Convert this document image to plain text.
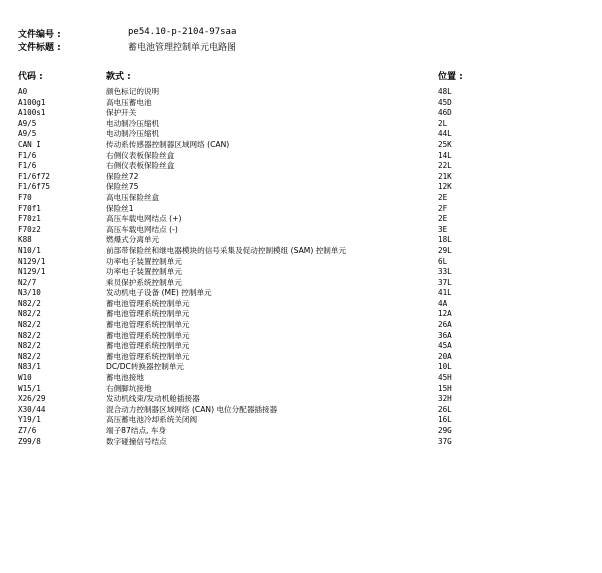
文件编号 :	pe54.10-p-2104-97saa
文件标题 :	蓄电池管理控制单元电路图
代码 :	款式 :	位置 :
A0	颜色标记的说明	48L
A100g1	高电压蓄电池	45D
A100s1	保护开关	46D
A9/5	电动制冷压缩机	2L
A9/5	电动制冷压缩机	44L
CAN I	传动系传感器控制器区域网络 (CAN)	25K
F1/6	右侧仪表板保险丝盒	14L
F1/6	右侧仪表板保险丝盒	22L
F1/6f72	保险丝72	21K
F1/6f75	保险丝75	12K
F70	高电压保险丝盒	2E
F70f1	保险丝1	2F
F70z1	高压车载电网结点 (+)	2E
F70z2	高压车载电网结点 (-)	3E
K88	燃爆式分离单元	18L
N10/1	前部带保险丝和继电器模块的信号采集及促动控制模组 (SAM) 控制单元	29L
N129/1	功率电子装置控制单元	6L
N129/1	功率电子装置控制单元	33L
N2/7	乘员保护系统控制单元	37L
N3/10	发动机电子设备 (ME) 控制单元	41L
N82/2	蓄电池管理系统控制单元	4A
N82/2	蓄电池管理系统控制单元	12A
N82/2	蓄电池管理系统控制单元	26A
N82/2	蓄电池管理系统控制单元	36A
N82/2	蓄电池管理系统控制单元	45A
N82/2	蓄电池管理系统控制单元	20A
N83/1	DC/DC转换器控制单元	10L
W10	蓄电池接地	45H
W15/1	右侧脚坑接地	15H
X26/29	发动机线束/发动机舱插接器	32H
X30/44	混合动力控制器区域网络 (CAN) 电位分配器插接器	26L
Y19/1	高压蓄电池冷却系统关闭阀	16L
Z7/6	端子87结点, 车身	29G
Z99/8	数字碰撞信号结点	37G
